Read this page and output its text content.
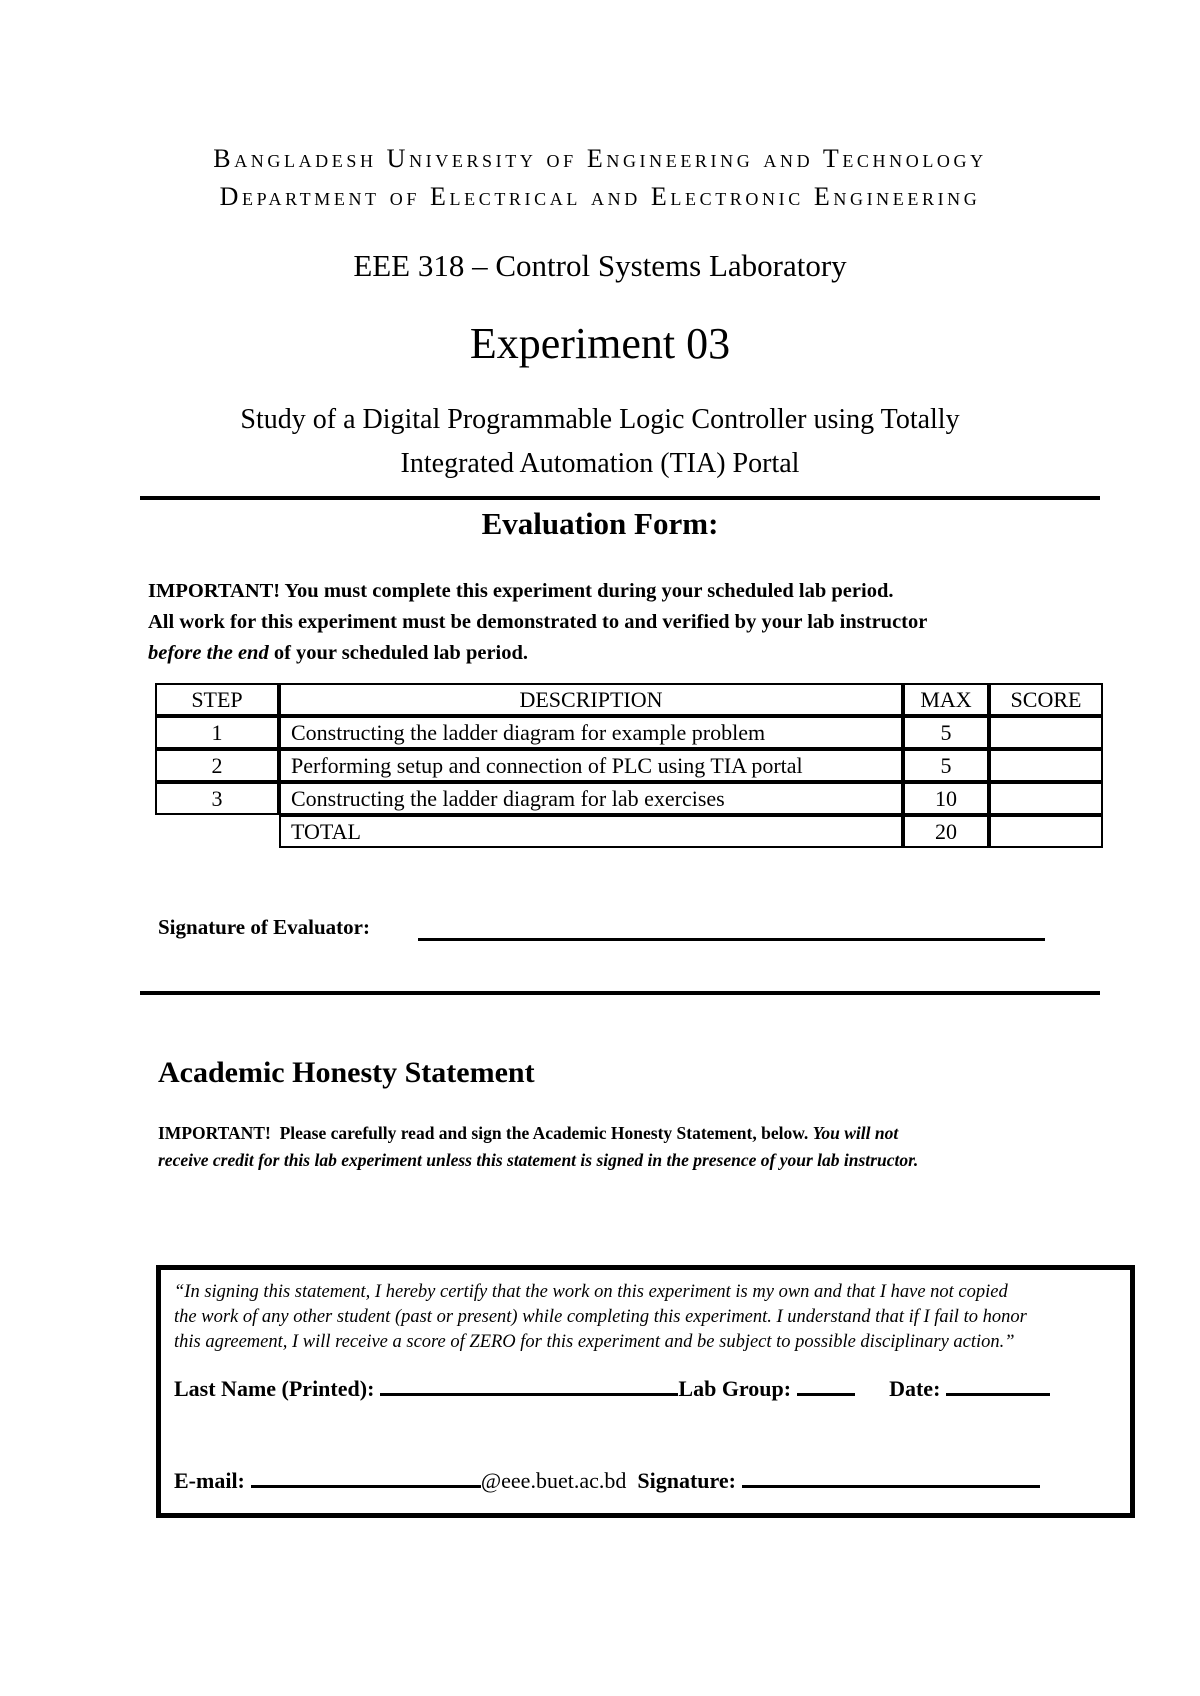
Bangladesh University of Engineering and Technology
Department of Electrical and Electronic Engineering
EEE 318 – Control Systems Laboratory
Experiment 03
Study of a Digital Programmable Logic Controller using Totally
Integrated Automation (TIA) Portal
Evaluation Form:
IMPORTANT! You must complete this experiment during your scheduled lab period.
All work for this experiment must be demonstrated to and verified by your lab instructor
before the end of your scheduled lab period.
STEP	DESCRIPTION	MAX	SCORE
1	Constructing the ladder diagram for example problem	5	
2	Performing setup and connection of PLC using TIA portal	5	
3	Constructing the ladder diagram for lab exercises	10	
	TOTAL	20	
Signature of Evaluator:
Academic Honesty Statement
IMPORTANT! Please carefully read and sign the Academic Honesty Statement, below. You will not
receive credit for this lab experiment unless this statement is signed in the presence of your lab instructor.
“In signing this statement, I hereby certify that the work on this experiment is my own and that I have not copied
the work of any other student (past or present) while completing this experiment. I understand that if I fail to honor
this agreement, I will receive a score of ZERO for this experiment and be subject to possible disciplinary action.”
Last Name (Printed):	Lab Group:	Date:
E-mail:	@eee.buet.ac.bd Signature:
